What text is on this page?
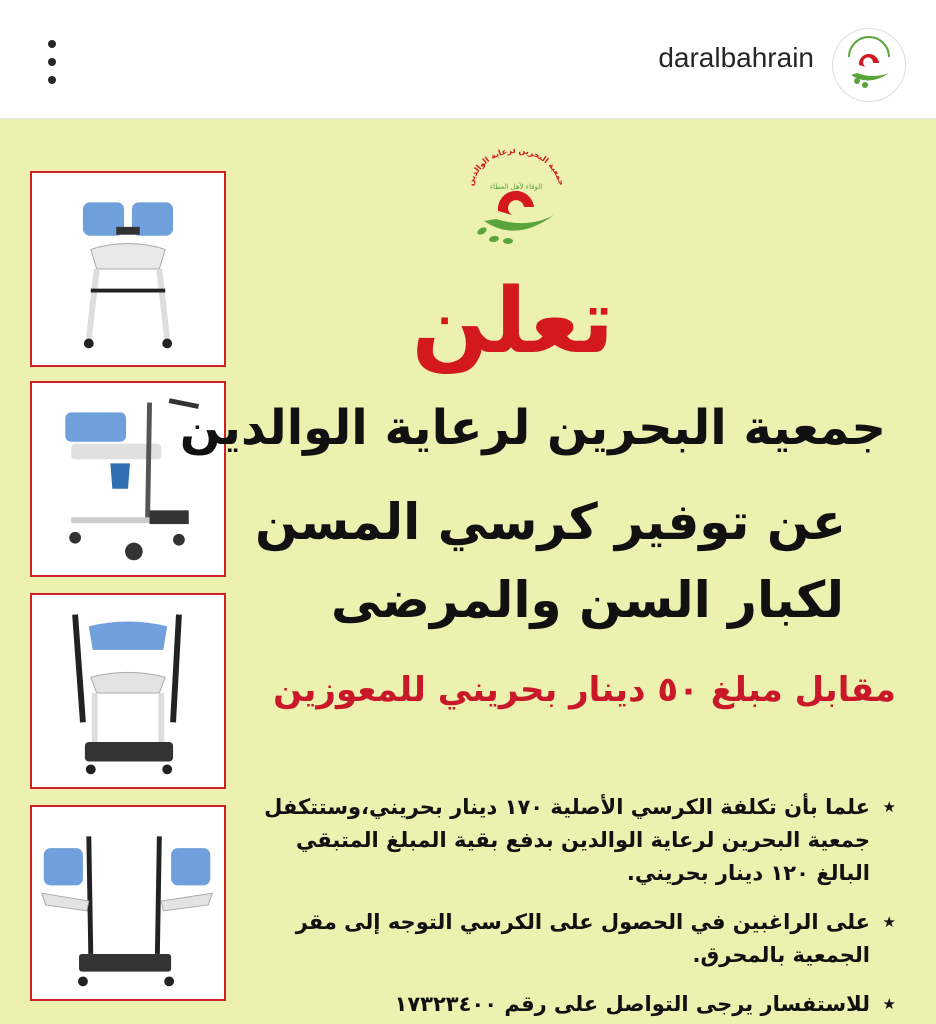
daralbahrain
جمعية البحرين لرعاية الوالدين
الوفاء لأهل العطاء
تعلن
جمعية البحرين لرعاية الوالدين
عن توفير كرسي المسن
لكبار السن والمرضى
مقابل مبلغ ٥٠ دينار بحريني للمعوزين
★
علما بأن تكلفة الكرسي الأصلية ١٧٠ دينار بحريني،وستتكفل جمعية البحرين لرعاية الوالدين بدفع بقية المبلغ المتبقي البالغ ١٢٠ دينار بحريني.
★
على الراغبين في الحصول على الكرسي التوجه إلى مقر الجمعية بالمحرق.
★
للاستفسار يرجى التواصل على رقم ١٧٣٢٣٤٠٠
